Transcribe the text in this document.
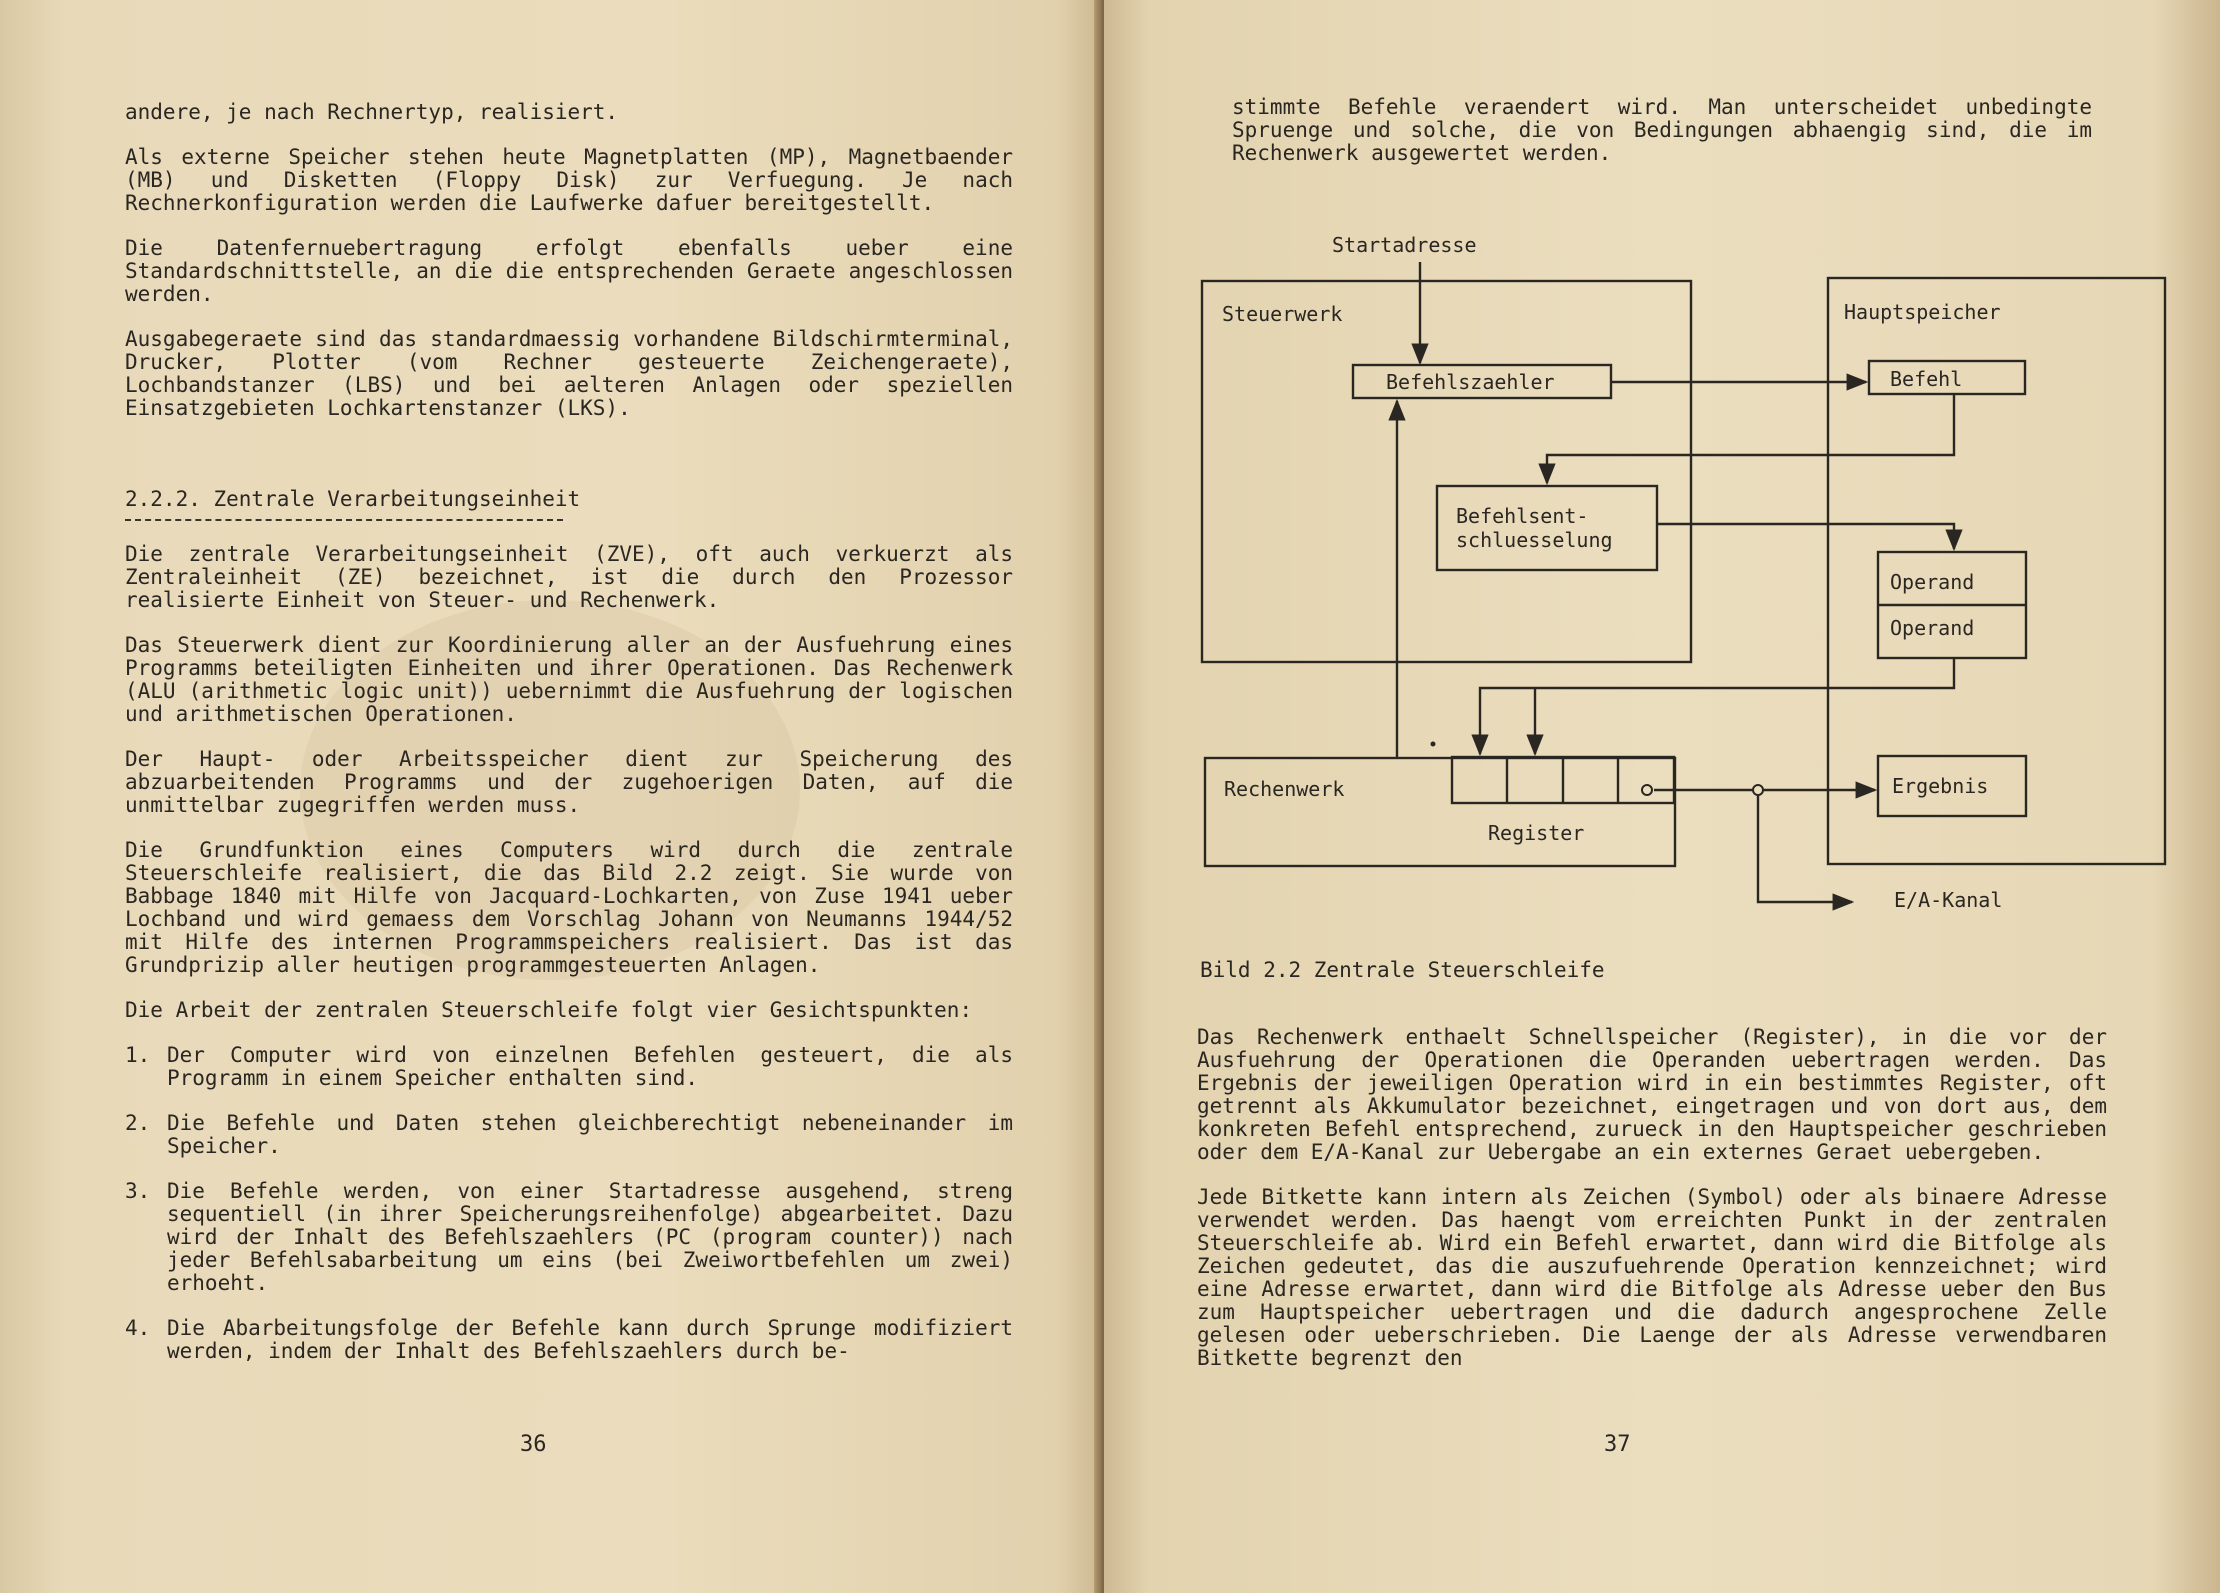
andere, je nach Rechnertyp, realisiert.

Als externe Speicher stehen heute Magnetplatten (MP), Magnetbaender (MB) und Disketten (Floppy Disk) zur Verfuegung. Je nach Rechnerkonfiguration werden die Laufwerke dafuer bereitgestellt.

Die Datenfernuebertragung erfolgt ebenfalls ueber eine Standardschnittstelle, an die die entsprechenden Geraete angeschlossen werden.

Ausgabegeraete sind das standardmaessig vorhandene Bildschirmterminal, Drucker, Plotter (vom Rechner gesteuerte Zeichengeraete), Lochbandstanzer (LBS) und bei aelteren Anlagen oder speziellen Einsatzgebieten Lochkartenstanzer (LKS).

2.2.2. Zentrale Verarbeitungseinheit

Die zentrale Verarbeitungseinheit (ZVE), oft auch verkuerzt als Zentraleinheit (ZE) bezeichnet, ist die durch den Prozessor realisierte Einheit von Steuer- und Rechenwerk.

Das Steuerwerk dient zur Koordinierung aller an der Ausfuehrung eines Programms beteiligten Einheiten und ihrer Operationen. Das Rechenwerk (ALU (arithmetic logic unit)) uebernimmt die Ausfuehrung der logischen und arithmetischen Operationen.

Der Haupt- oder Arbeitsspeicher dient zur Speicherung des abzuarbeitenden Programms und der zugehoerigen Daten, auf die unmittelbar zugegriffen werden muss.

Die Grundfunktion eines Computers wird durch die zentrale Steuerschleife realisiert, die das Bild 2.2 zeigt. Sie wurde von Babbage 1840 mit Hilfe von Jacquard-Lochkarten, von Zuse 1941 ueber Lochband und wird gemaess dem Vorschlag Johann von Neumanns 1944/52 mit Hilfe des internen Programmspeichers realisiert. Das ist das Grundprizip aller heutigen programmgesteuerten Anlagen.

Die Arbeit der zentralen Steuerschleife folgt vier Gesichtspunkten:

1. Der Computer wird von einzelnen Befehlen gesteuert, die als Programm in einem Speicher enthalten sind.
2. Die Befehle und Daten stehen gleichberechtigt nebeneinander im Speicher.
3. Die Befehle werden, von einer Startadresse ausgehend, streng sequentiell (in ihrer Speicherungsreihenfolge) abgearbeitet. Dazu wird der Inhalt des Befehlszaehlers (PC (program counter)) nach jeder Befehlsabarbeitung um eins (bei Zweiwortbefehlen um zwei) erhoeht.
4. Die Abarbeitungsfolge der Befehle kann durch Sprunge modifiziert werden, indem der Inhalt des Befehlszaehlers durch be-
36

stimmte Befehle veraendert wird. Man unterscheidet unbedingte Spruenge und solche, die von Bedingungen abhaengig sind, die im Rechenwerk ausgewertet werden.

Startadresse
Steuerwerk	Hauptspeicher
Befehlszaehler	Befehl
Befehlsent-
schluesselung
Operand
Operand
Rechenwerk
Register
Ergebnis
E/A-Kanal
Bild 2.2 Zentrale Steuerschleife

Das Rechenwerk enthaelt Schnellspeicher (Register), in die vor der Ausfuehrung der Operationen die Operanden uebertragen werden. Das Ergebnis der jeweiligen Operation wird in ein bestimmtes Register, oft getrennt als Akkumulator bezeichnet, eingetragen und von dort aus, dem konkreten Befehl entsprechend, zurueck in den Hauptspeicher geschrieben oder dem E/A-Kanal zur Uebergabe an ein externes Geraet uebergeben.

Jede Bitkette kann intern als Zeichen (Symbol) oder als binaere Adresse verwendet werden. Das haengt vom erreichten Punkt in der zentralen Steuerschleife ab. Wird ein Befehl erwartet, dann wird die Bitfolge als Zeichen gedeutet, das die auszufuehrende Operation kennzeichnet; wird eine Adresse erwartet, dann wird die Bitfolge als Adresse ueber den Bus zum Hauptspeicher uebertragen und die dadurch angesprochene Zelle gelesen oder ueberschrieben. Die Laenge der als Adresse verwendbaren Bitkette begrenzt den

37
